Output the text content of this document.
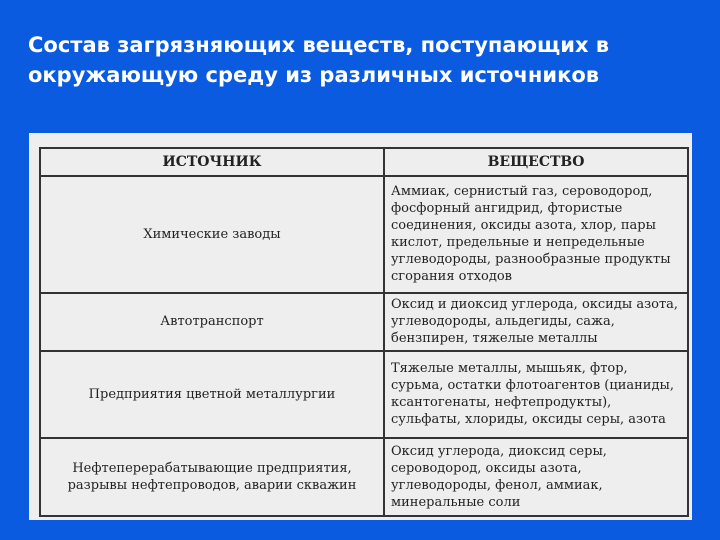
Состав загрязняющих веществ, поступающих в окружающую среду из различных источников
ИСТОЧНИК	ВЕЩЕСТВО
Химические заводы	Аммиак, сернистый газ, сероводород, фосфорный ангидрид, фтористые соединения, оксиды азота, хлор, пары кислот, предельные и непредельные углеводороды, разнообразные продукты сгорания отходов
Автотранспорт	Оксид и диоксид углерода, оксиды азота, углеводороды, альдегиды, сажа, бензпирен, тяжелые металлы
Предприятия цветной металлургии	Тяжелые металлы, мышьяк, фтор, сурьма, остатки флотоагентов (цианиды, ксантогенаты, нефтепродукты), сульфаты, хлориды, оксиды серы, азота
Нефтеперерабатывающие предприятия, разрывы нефтепроводов, аварии скважин	Оксид углерода, диоксид серы, сероводород, оксиды азота, углеводороды, фенол, аммиак, минеральные соли
